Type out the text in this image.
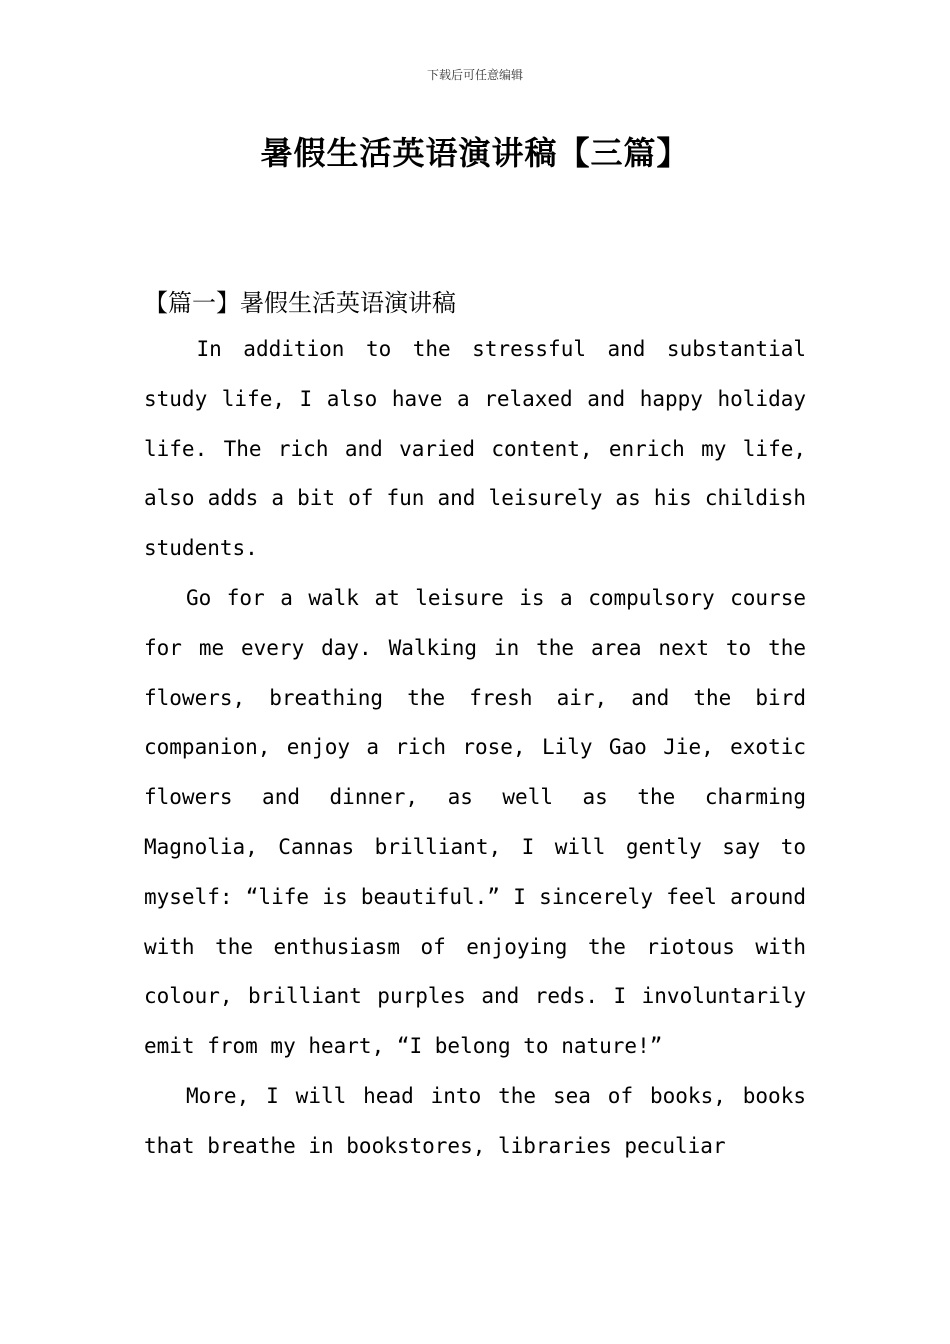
下载后可任意编辑
暑假生活英语演讲稿【三篇】
【篇一】暑假生活英语演讲稿

In addition to the stressful and substantial study life, I also have a relaxed and happy holiday life. The rich and varied content, enrich my life, also adds a bit of fun and leisurely as his childish students.

Go for a walk at leisure is a compulsory course for me every day. Walking in the area next to the flowers, breathing the fresh air, and the bird companion, enjoy a rich rose, Lily Gao Jie, exotic flowers and dinner, as well as the charming Magnolia, Cannas brilliant, I will gently say to myself: “life is beautiful.” I sincerely feel around with the enthusiasm of enjoying the riotous with colour, brilliant purples and reds. I involuntarily emit from my heart, “I belong to nature!”

More, I will head into the sea of books, books that breathe in bookstores, libraries peculiar
